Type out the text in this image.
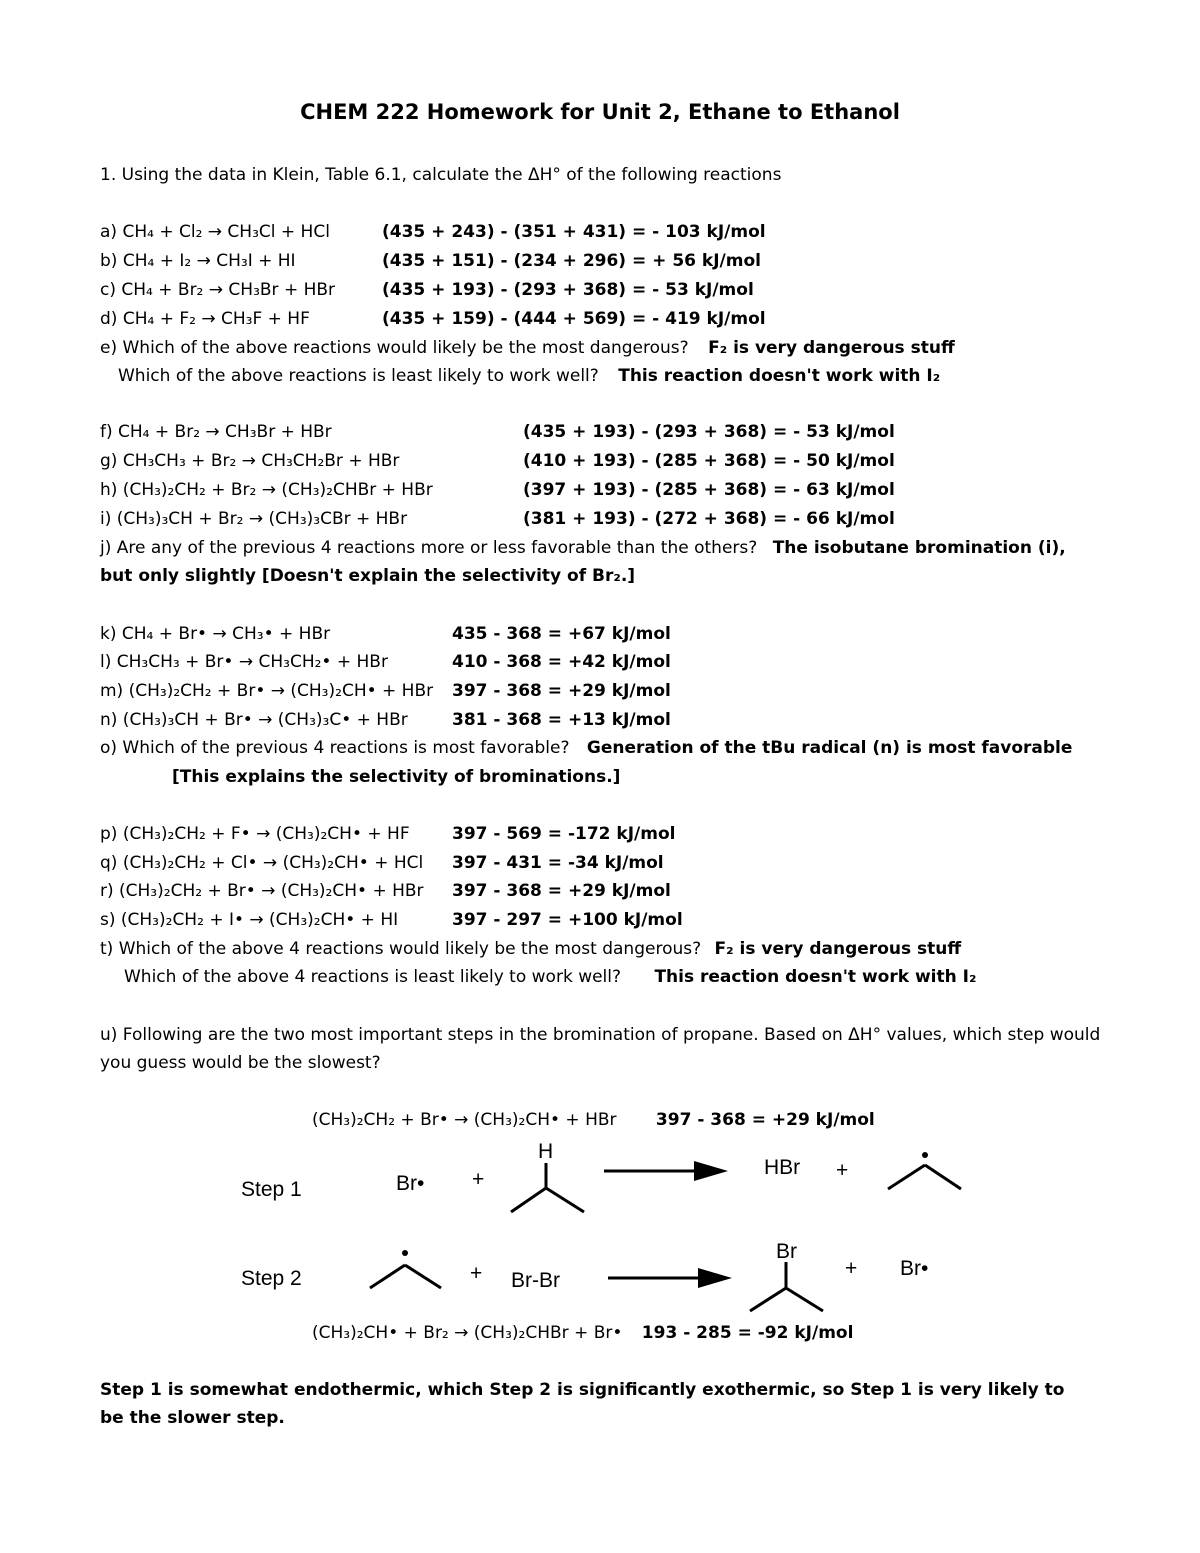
CHEM 222 Homework for Unit 2, Ethane to Ethanol
1. Using the data in Klein, Table 6.1, calculate the ΔH° of the following reactions
a) CH₄ + Cl₂ → CH₃Cl + HCl	(435 + 243) - (351 + 431) = - 103 kJ/mol
b) CH₄ + I₂ → CH₃I + HI	(435 + 151) - (234 + 296) = + 56 kJ/mol
c) CH₄ + Br₂ → CH₃Br + HBr	(435 + 193) - (293 + 368) = - 53 kJ/mol
d) CH₄ + F₂ → CH₃F + HF	(435 + 159) - (444 + 569) = - 419 kJ/mol
e) Which of the above reactions would likely be the most dangerous? F₂ is very dangerous stuff
Which of the above reactions is least likely to work well? This reaction doesn't work with I₂
f) CH₄ + Br₂ → CH₃Br + HBr	(435 + 193) - (293 + 368) = - 53 kJ/mol
g) CH₃CH₃ + Br₂ → CH₃CH₂Br + HBr	(410 + 193) - (285 + 368) = - 50 kJ/mol
h) (CH₃)₂CH₂ + Br₂ → (CH₃)₂CHBr + HBr	(397 + 193) - (285 + 368) = - 63 kJ/mol
i) (CH₃)₃CH + Br₂ → (CH₃)₃CBr + HBr	(381 + 193) - (272 + 368) = - 66 kJ/mol
j) Are any of the previous 4 reactions more or less favorable than the others? The isobutane bromination (i),
but only slightly [Doesn't explain the selectivity of Br₂.]
k) CH₄ + Br• → CH₃• + HBr	435 - 368 = +67 kJ/mol
l) CH₃CH₃ + Br• → CH₃CH₂• + HBr	410 - 368 = +42 kJ/mol
m) (CH₃)₂CH₂ + Br• → (CH₃)₂CH• + HBr 397 - 368 = +29 kJ/mol
n) (CH₃)₃CH + Br• → (CH₃)₃C• + HBr	381 - 368 = +13 kJ/mol
o) Which of the previous 4 reactions is most favorable? Generation of the tBu radical (n) is most favorable
[This explains the selectivity of brominations.]
p) (CH₃)₂CH₂ + F• → (CH₃)₂CH• + HF 397 - 569 = -172 kJ/mol
q) (CH₃)₂CH₂ + Cl• → (CH₃)₂CH• + HCl 397 - 431 = -34 kJ/mol
r) (CH₃)₂CH₂ + Br• → (CH₃)₂CH• + HBr 397 - 368 = +29 kJ/mol
s) (CH₃)₂CH₂ + I• → (CH₃)₂CH• + HI	397 - 297 = +100 kJ/mol
t) Which of the above 4 reactions would likely be the most dangerous? F₂ is very dangerous stuff
Which of the above 4 reactions is least likely to work well? This reaction doesn't work with I₂
u) Following are the two most important steps in the bromination of propane. Based on ΔH° values, which step would
you guess would be the slowest?
(CH₃)₂CH₂ + Br• → (CH₃)₂CH• + HBr 397 - 368 = +29 kJ/mol
Step 1	Br• +
H
HBr +
Step 2	+ Br-Br
Br
+ Br•
(CH₃)₂CH• + Br₂ → (CH₃)₂CHBr + Br• 193 - 285 = -92 kJ/mol
Step 1 is somewhat endothermic, which Step 2 is significantly exothermic, so Step 1 is very likely to
be the slower step.
